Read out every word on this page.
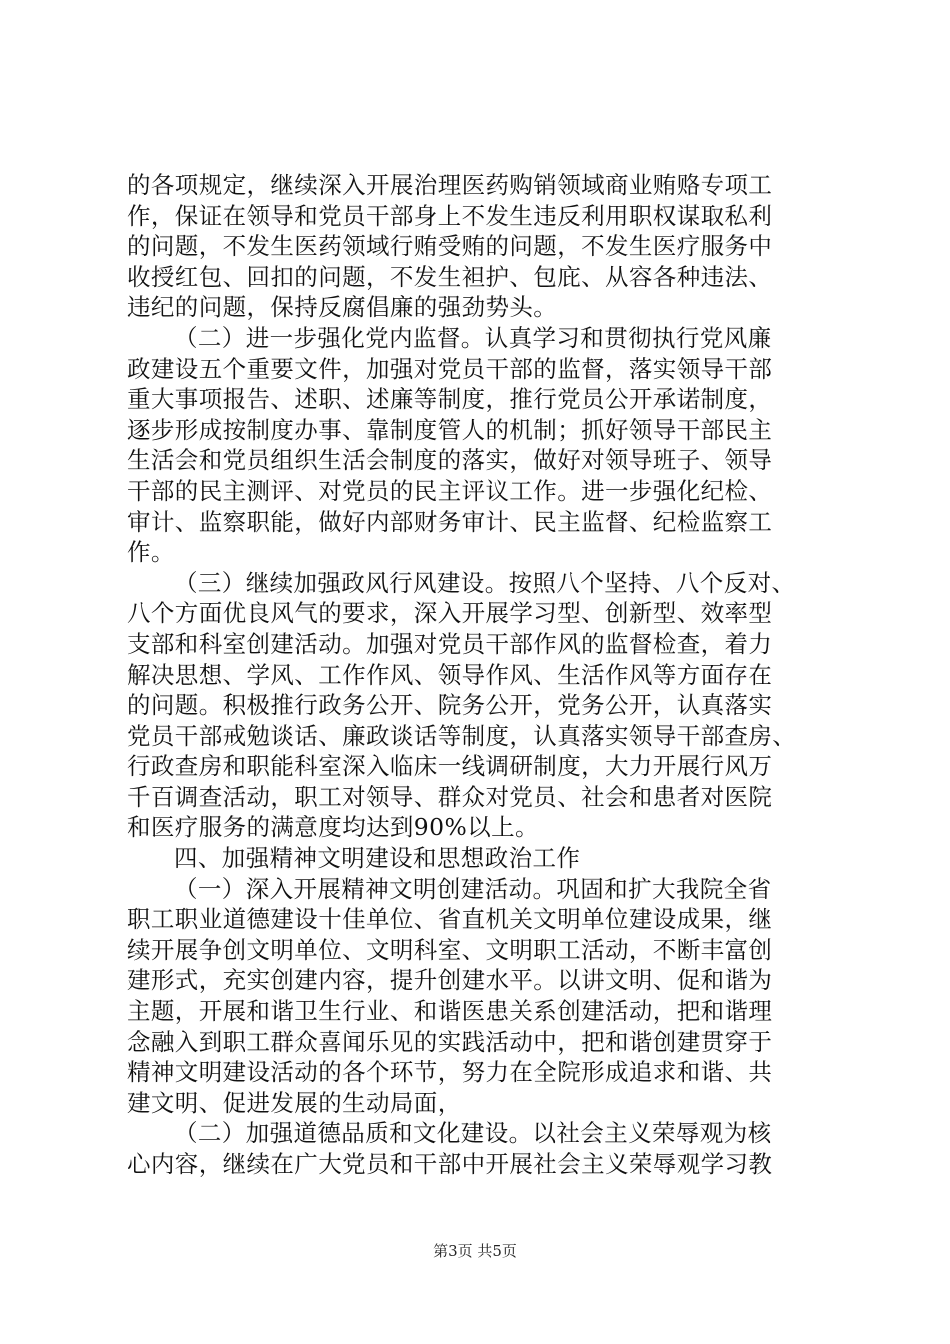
的各项规定，继续深入开展治理医药购销领域商业贿赂专项工
作，保证在领导和党员干部身上不发生违反利用职权谋取私利
的问题，不发生医药领域行贿受贿的问题，不发生医疗服务中
收授红包、回扣的问题，不发生袒护、包庇、从容各种违法、
违纪的问题，保持反腐倡廉的强劲势头。
（二）进一步强化党内监督。认真学习和贯彻执行党风廉
政建设五个重要文件，加强对党员干部的监督，落实领导干部
重大事项报告、述职、述廉等制度，推行党员公开承诺制度，
逐步形成按制度办事、靠制度管人的机制；抓好领导干部民主
生活会和党员组织生活会制度的落实，做好对领导班子、领导
干部的民主测评、对党员的民主评议工作。进一步强化纪检、
审计、监察职能，做好内部财务审计、民主监督、纪检监察工
作。
（三）继续加强政风行风建设。按照八个坚持、八个反对、
八个方面优良风气的要求，深入开展学习型、创新型、效率型
支部和科室创建活动。加强对党员干部作风的监督检查，着力
解决思想、学风、工作作风、领导作风、生活作风等方面存在
的问题。积极推行政务公开、院务公开，党务公开，认真落实
党员干部戒勉谈话、廉政谈话等制度，认真落实领导干部查房、
行政查房和职能科室深入临床一线调研制度，大力开展行风万
千百调查活动，职工对领导、群众对党员、社会和患者对医院
和医疗服务的满意度均达到90%以上。
四、加强精神文明建设和思想政治工作
（一）深入开展精神文明创建活动。巩固和扩大我院全省
职工职业道德建设十佳单位、省直机关文明单位建设成果，继
续开展争创文明单位、文明科室、文明职工活动，不断丰富创
建形式，充实创建内容，提升创建水平。以讲文明、促和谐为
主题，开展和谐卫生行业、和谐医患关系创建活动，把和谐理
念融入到职工群众喜闻乐见的实践活动中，把和谐创建贯穿于
精神文明建设活动的各个环节，努力在全院形成追求和谐、共
建文明、促进发展的生动局面，
（二）加强道德品质和文化建设。以社会主义荣辱观为核
心内容，继续在广大党员和干部中开展社会主义荣辱观学习教
第3页 共5页
